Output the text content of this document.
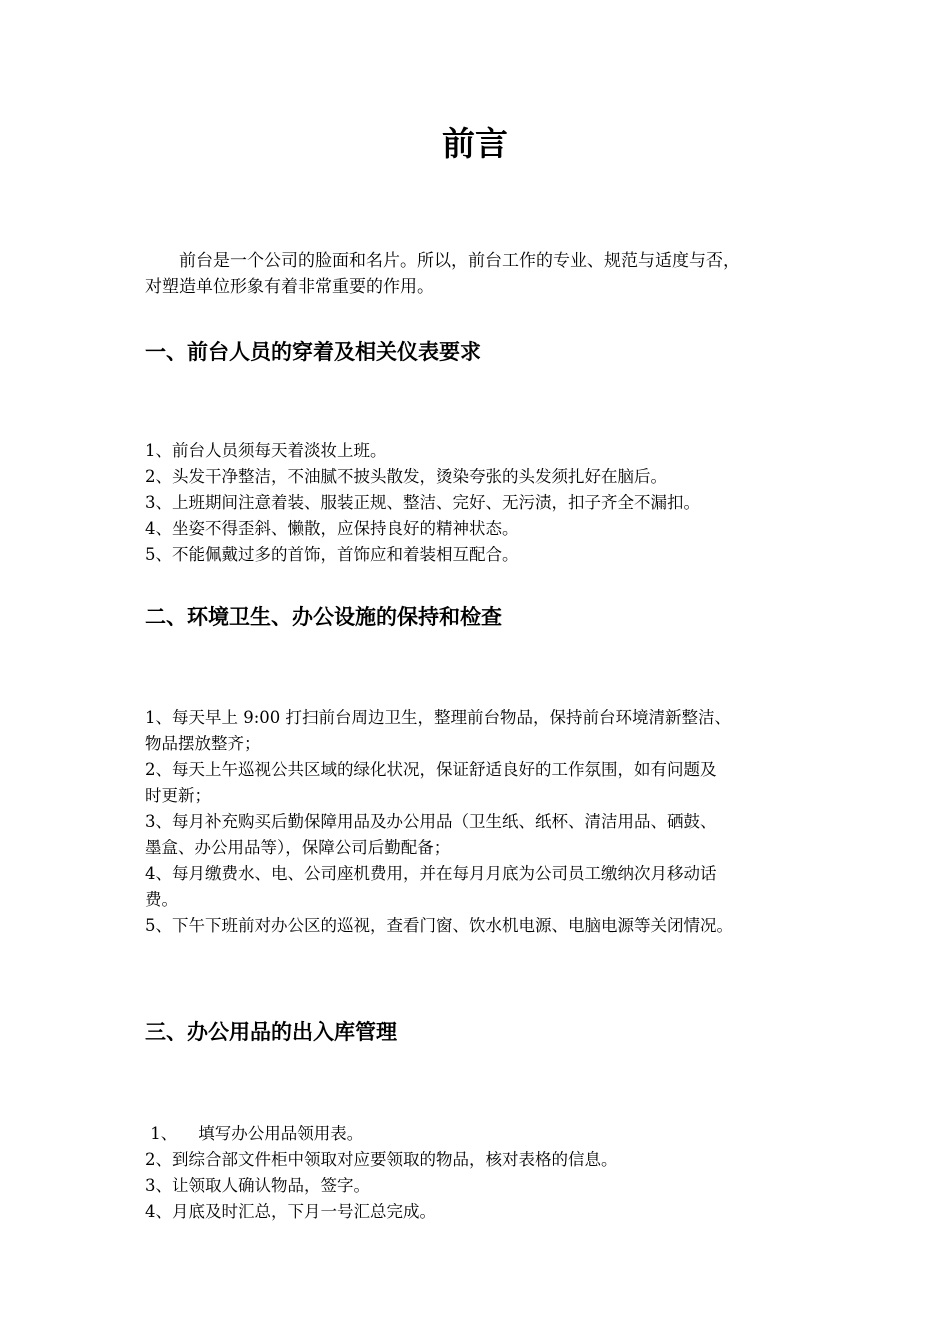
前言
前台是一个公司的脸面和名片。所以，前台工作的专业、规范与适度与否，
对塑造单位形象有着非常重要的作用。
一、前台人员的穿着及相关仪表要求
1、前台人员须每天着淡妆上班。
2、头发干净整洁，不油腻不披头散发，烫染夸张的头发须扎好在脑后。
3、上班期间注意着装、服装正规、整洁、完好、无污渍，扣子齐全不漏扣。
4、坐姿不得歪斜、懒散，应保持良好的精神状态。
5、不能佩戴过多的首饰，首饰应和着装相互配合。
二、环境卫生、办公设施的保持和检查
1、每天早上 9:00 打扫前台周边卫生，整理前台物品，保持前台环境清新整洁、
物品摆放整齐；
2、每天上午巡视公共区域的绿化状况，保证舒适良好的工作氛围，如有问题及
时更新；
3、每月补充购买后勤保障用品及办公用品（卫生纸、纸杯、清洁用品、硒鼓、
墨盒、办公用品等），保障公司后勤配备；
4、每月缴费水、电、公司座机费用，并在每月月底为公司员工缴纳次月移动话
费。
5、下午下班前对办公区的巡视，查看门窗、饮水机电源、电脑电源等关闭情况。
三、办公用品的出入库管理
1、    填写办公用品领用表。
2、到综合部文件柜中领取对应要领取的物品，核对表格的信息。
3、让领取人确认物品，签字。
4、月底及时汇总，下月一号汇总完成。
